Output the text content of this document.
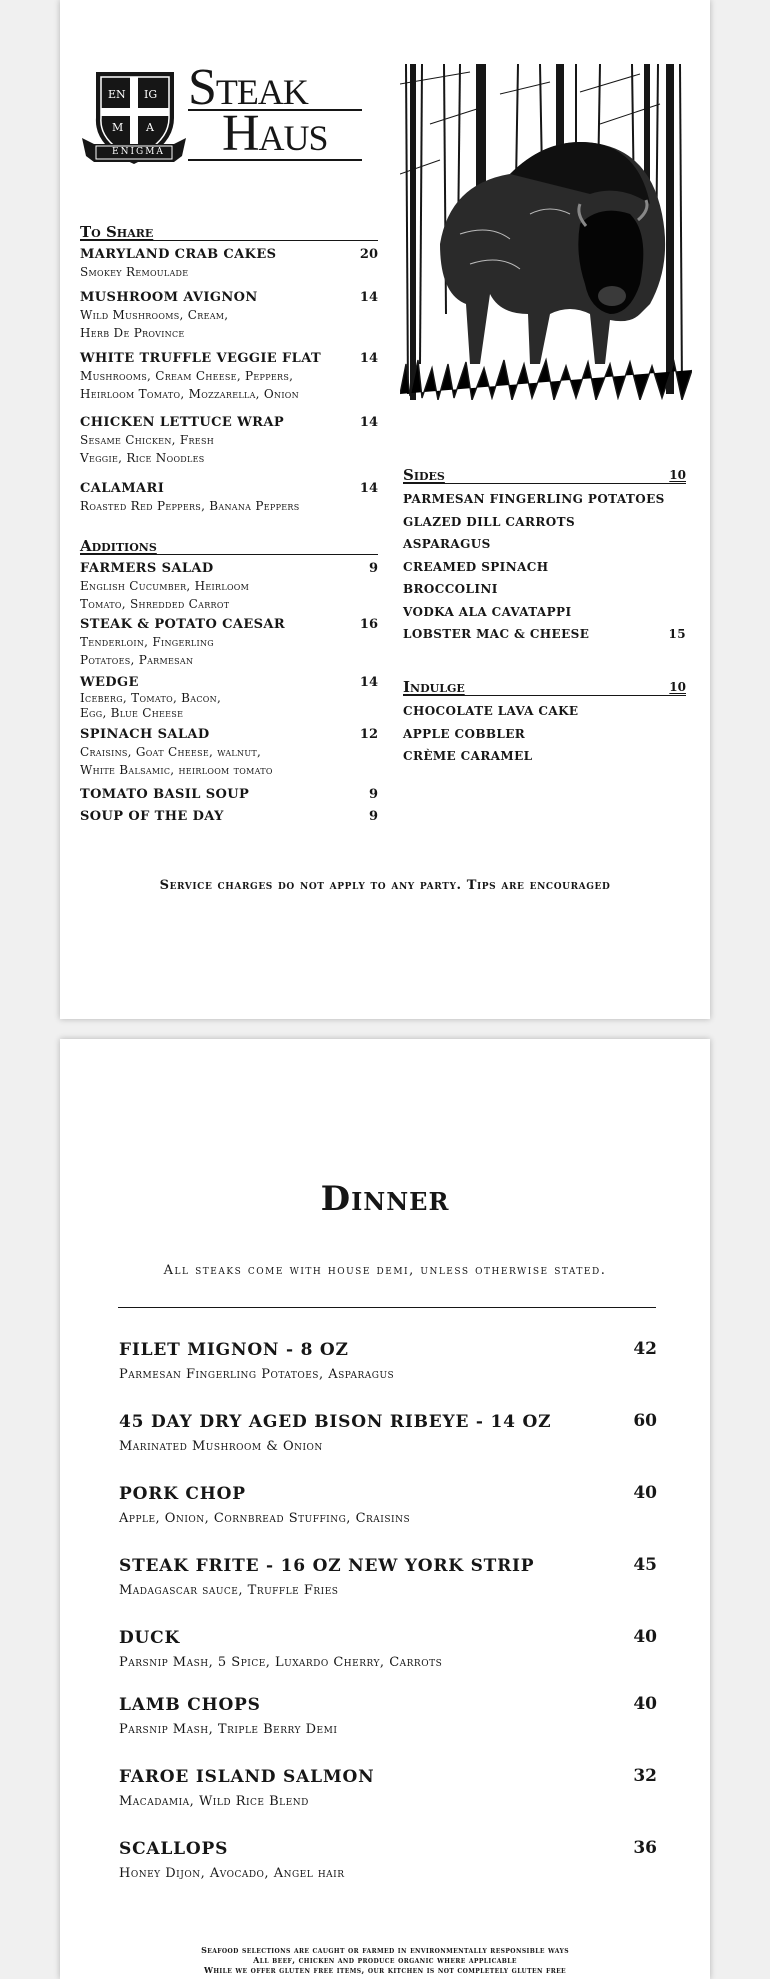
EN IG
M A
ENIGMA
Steak
Haus
To Share
MARYLAND CRAB CAKES	20
Smokey Remoulade
MUSHROOM AVIGNON	14
Wild Mushrooms, Cream,
Herb De Province
WHITE TRUFFLE VEGGIE FLAT	14
Mushrooms, Cream Cheese, Peppers,
Heirloom Tomato, Mozzarella, Onion
CHICKEN LETTUCE WRAP	14
Sesame Chicken, Fresh
Veggie, Rice Noodles
CALAMARI	14
Roasted Red Peppers, Banana Peppers
Additions
FARMERS SALAD	9
English Cucumber, Heirloom
Tomato, Shredded Carrot
STEAK & POTATO CAESAR	16
Tenderloin, Fingerling
Potatoes, Parmesan
WEDGE	14
Iceberg, Tomato, Bacon,
Egg, Blue Cheese
SPINACH SALAD	12
Craisins, Goat Cheese, walnut,
White Balsamic, heirloom tomato
TOMATO BASIL SOUP	9
SOUP OF THE DAY	9
Sides	10
PARMESAN FINGERLING POTATOES
GLAZED DILL CARROTS
ASPARAGUS
CREAMED SPINACH
BROCCOLINI
VODKA ALA CAVATAPPI
LOBSTER MAC & CHEESE	15
Indulge	10
CHOCOLATE LAVA CAKE
APPLE COBBLER
CRÈME CARAMEL
Service charges do not apply to any party. Tips are encouraged
Dinner
All steaks come with house demi, unless otherwise stated.
FILET MIGNON - 8 OZ	42
Parmesan Fingerling Potatoes, Asparagus
45 DAY DRY AGED BISON RIBEYE - 14 OZ	60
Marinated Mushroom & Onion
PORK CHOP	40
Apple, Onion, Cornbread Stuffing, Craisins
STEAK FRITE - 16 OZ NEW YORK STRIP	45
Madagascar sauce, Truffle Fries
DUCK	40
Parsnip Mash, 5 Spice, Luxardo Cherry, Carrots
LAMB CHOPS	40
Parsnip Mash, Triple Berry Demi
FAROE ISLAND SALMON	32
Macadamia, Wild Rice Blend
SCALLOPS	36
Honey Dijon, Avocado, Angel hair
Seafood selections are caught or farmed in environmentally responsible ways
All beef, chicken and produce organic where applicable
While we offer gluten free items, our kitchen is not completely gluten free
